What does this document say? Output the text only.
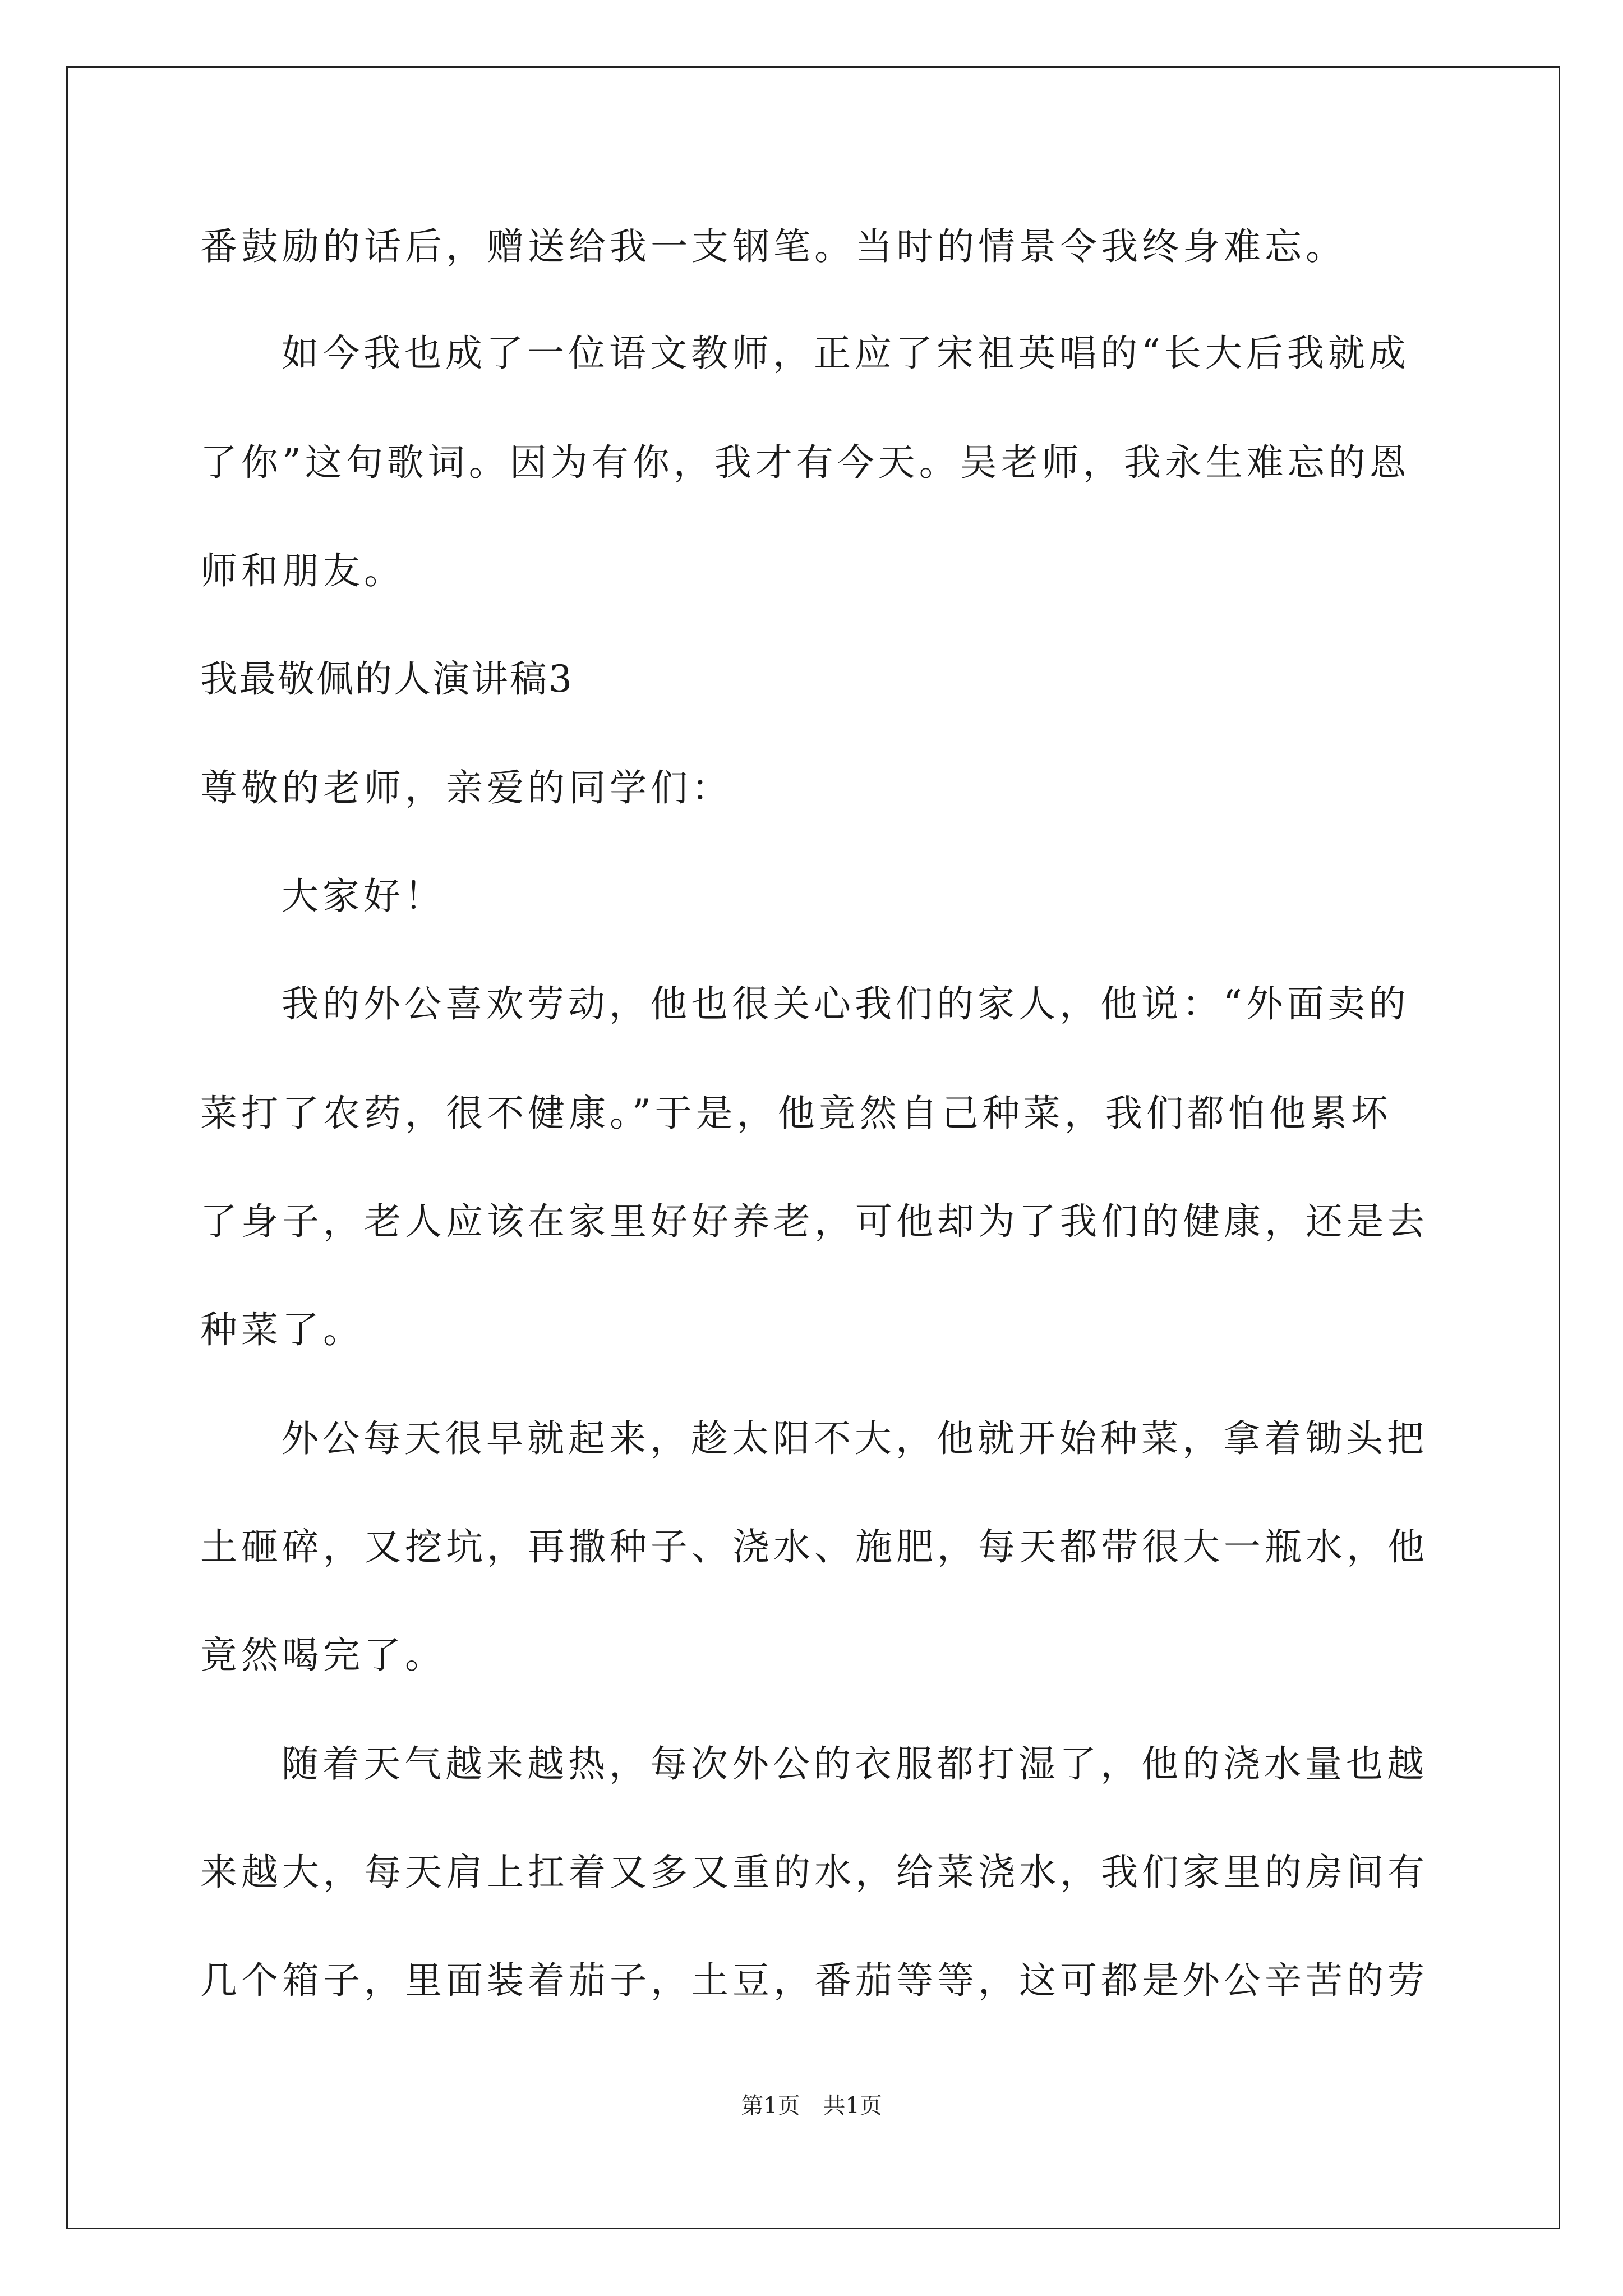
番鼓励的话后，赠送给我一支钢笔。当时的情景令我终身难忘。
如今我也成了一位语文教师，正应了宋祖英唱的“长大后我就成
了你”这句歌词。因为有你，我才有今天。吴老师，我永生难忘的恩
师和朋友。
我最敬佩的人演讲稿3
尊敬的老师，亲爱的同学们：
大家好！
我的外公喜欢劳动，他也很关心我们的家人，他说：“外面卖的
菜打了农药，很不健康。”于是，他竟然自己种菜，我们都怕他累坏
了身子，老人应该在家里好好养老，可他却为了我们的健康，还是去
种菜了。
外公每天很早就起来，趁太阳不大，他就开始种菜，拿着锄头把
土砸碎，又挖坑，再撒种子、浇水、施肥，每天都带很大一瓶水，他
竟然喝完了。
随着天气越来越热，每次外公的衣服都打湿了，他的浇水量也越
来越大，每天肩上扛着又多又重的水，给菜浇水，我们家里的房间有
几个箱子，里面装着茄子，土豆，番茄等等，这可都是外公辛苦的劳
第1页 共1页
